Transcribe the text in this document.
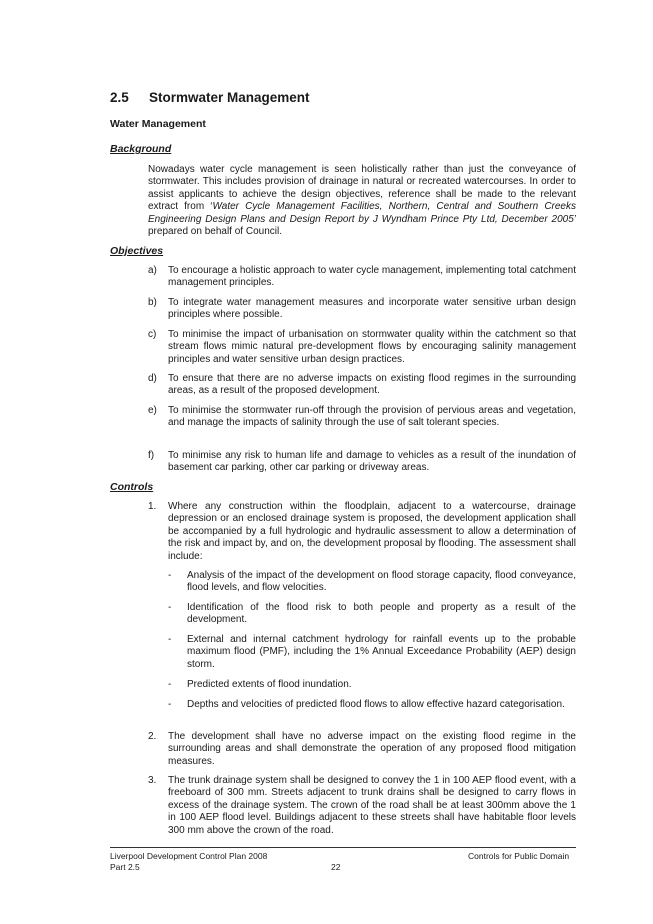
2.5 Stormwater Management
Water Management
Background

Nowadays water cycle management is seen holistically rather than just the conveyance of stormwater. This includes provision of drainage in natural or recreated watercourses. In order to assist applicants to achieve the design objectives, reference shall be made to the relevant extract from ‘Water Cycle Management Facilities, Northern, Central and Southern Creeks Engineering Design Plans and Design Report by J Wyndham Prince Pty Ltd, December 2005’ prepared on behalf of Council.

Objectives
a) To encourage a holistic approach to water cycle management, implementing total catchment management principles.
b) To integrate water management measures and incorporate water sensitive urban design principles where possible.
c) To minimise the impact of urbanisation on stormwater quality within the catchment so that stream flows mimic natural pre-development flows by encouraging salinity management principles and water sensitive urban design practices.
d) To ensure that there are no adverse impacts on existing flood regimes in the surrounding areas, as a result of the proposed development.
e) To minimise the stormwater run-off through the provision of pervious areas and vegetation, and manage the impacts of salinity through the use of salt tolerant species.
f) To minimise any risk to human life and damage to vehicles as a result of the inundation of basement car parking, other car parking or driveway areas.
Controls
1. Where any construction within the floodplain, adjacent to a watercourse, drainage depression or an enclosed drainage system is proposed, the development application shall be accompanied by a full hydrologic and hydraulic assessment to allow a determination of the risk and impact by, and on, the development proposal by flooding. The assessment shall include:
- Analysis of the impact of the development on flood storage capacity, flood conveyance, flood levels, and flow velocities.
- Identification of the flood risk to both people and property as a result of the development.
- External and internal catchment hydrology for rainfall events up to the probable maximum flood (PMF), including the 1% Annual Exceedance Probability (AEP) design storm.
- Predicted extents of flood inundation.
- Depths and velocities of predicted flood flows to allow effective hazard categorisation.
2. The development shall have no adverse impact on the existing flood regime in the surrounding areas and shall demonstrate the operation of any proposed flood mitigation measures.
3. The trunk drainage system shall be designed to convey the 1 in 100 AEP flood event, with a freeboard of 300 mm. Streets adjacent to trunk drains shall be designed to carry flows in excess of the drainage system. The crown of the road shall be at least 300mm above the 1 in 100 AEP flood level. Buildings adjacent to these streets shall have habitable floor levels 300 mm above the crown of the road.

Liverpool Development Control Plan 2008

Part 2.5	22

Controls for Public Domain
